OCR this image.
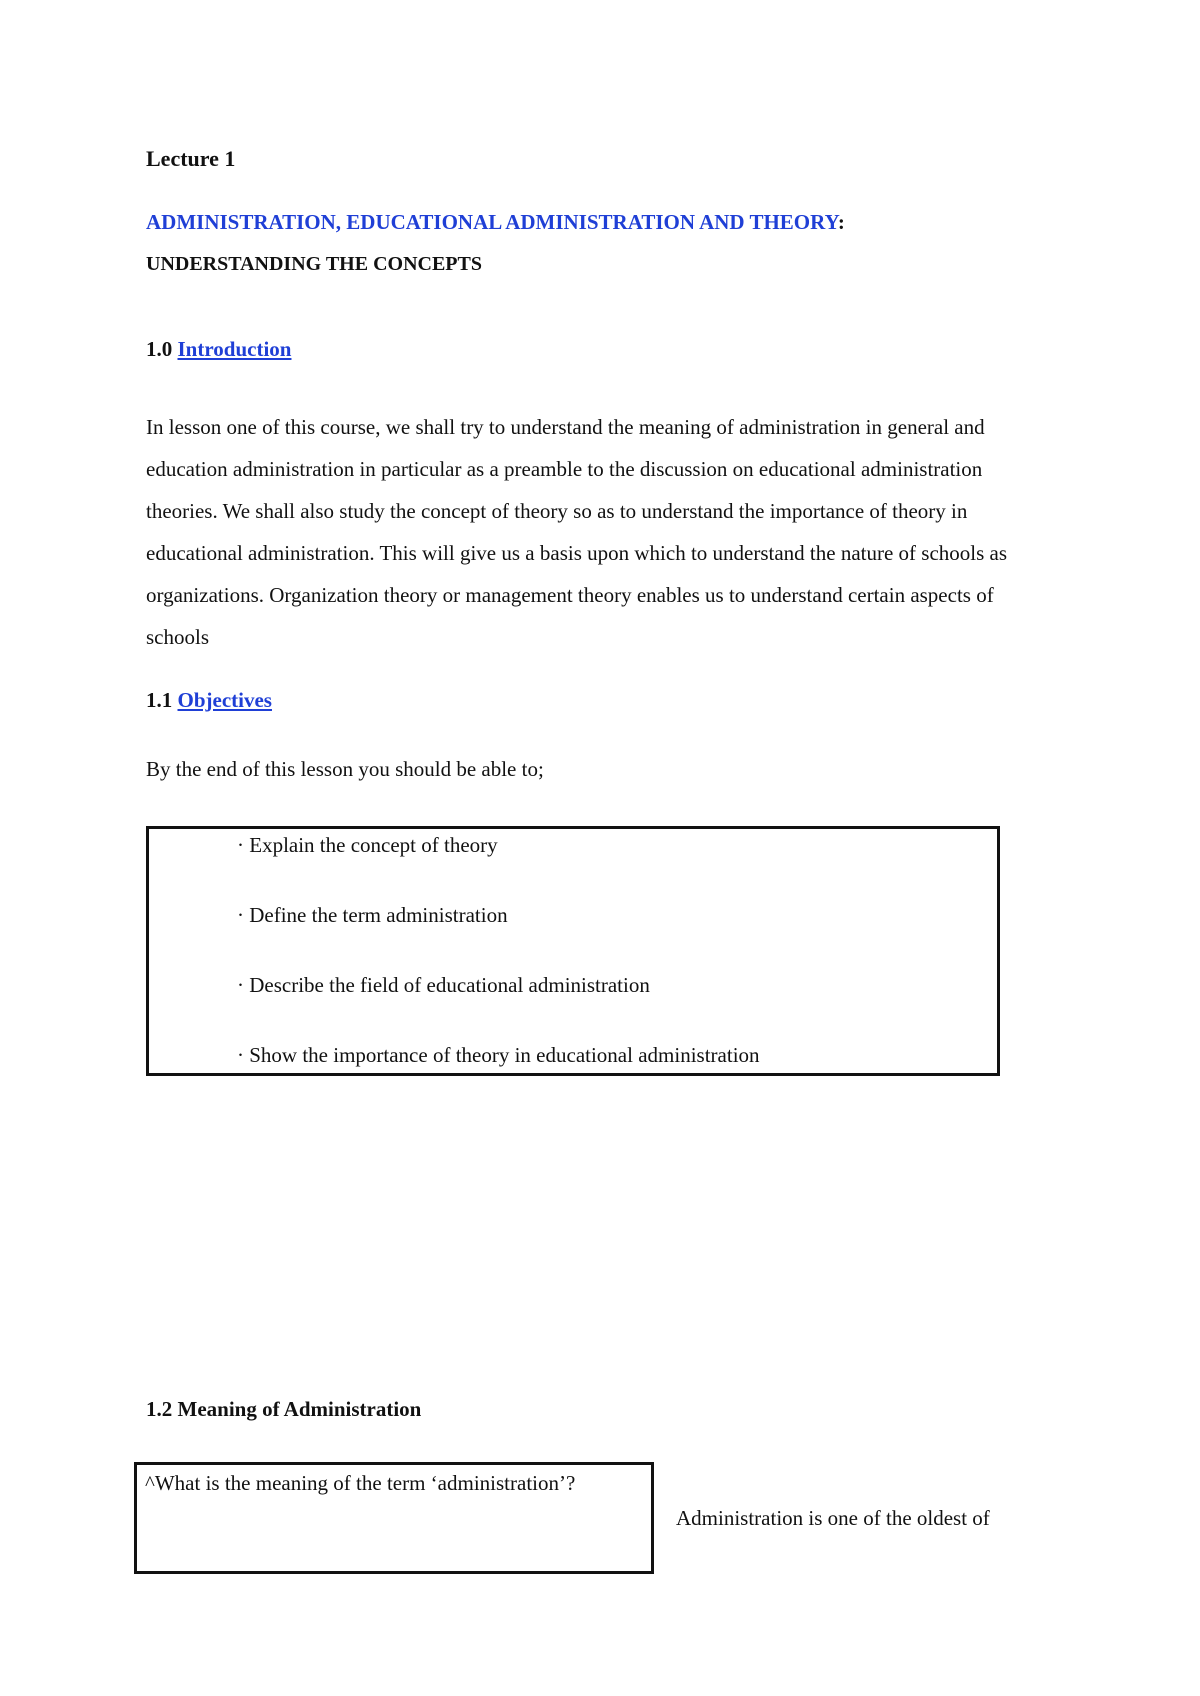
Lecture 1
ADMINISTRATION, EDUCATIONAL ADMINISTRATION AND THEORY:
UNDERSTANDING THE CONCEPTS
1.0 Introduction
In lesson one of this course, we shall try to understand the meaning of administration in general and education administration in particular as a preamble to the discussion on educational administration theories. We shall also study the concept of theory so as to understand the importance of theory in educational administration. This will give us a basis upon which to understand the nature of schools as organizations. Organization theory or management theory enables us to understand certain aspects of schools
1.1 Objectives
By the end of this lesson you should be able to;
· Explain the concept of theory
· Define the term administration
· Describe the field of educational administration
· Show the importance of theory in educational administration
1.2 Meaning of Administration
^What is the meaning of the term ‘administration’?
Administration is one of the oldest of
